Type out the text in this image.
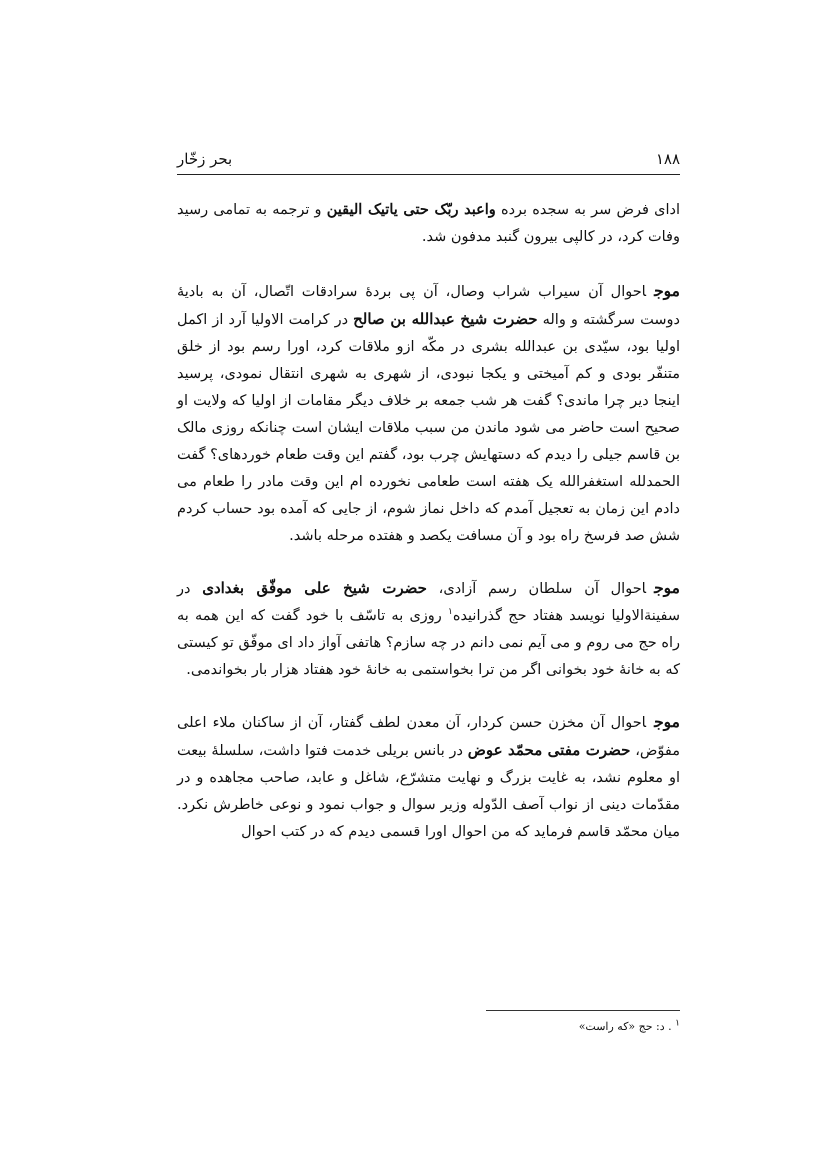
۱۸۸
بحر زخّار

ادای فرض سر به سجده برده واعبد ربّک حتی یاتیک الیقین و ترجمه به تمامی رسید وفات کرد، در کالپی بیرون گنبد مدفون شد.

موجاحوال آن سیراب شراب وصال، آن پی بردهٔ سرادقات اتّصال، آن به بادیهٔ دوست سرگشته و واله حضرت شیخ عبدالله بن صالح در کرامت الاولیا آرد از اکمل اولیا بود، سیّدی بن عبدالله بشری در مکّه ازو ملاقات کرد، اورا رسم بود از خلق متنفّر بودی و کم آمیختی و یکجا نبودی، از شهری به شهری انتقال نمودی، پرسید اینجا دیر چرا ماندی؟ گفت هر شب جمعه بر خلاف دیگر مقامات از اولیا که ولایت او صحیح است حاضر می شود ماندن من سبب ملاقات ایشان است چنانکه روزی مالک بن قاسم جیلی را دیدم که دستهایش چرب بود، گفتم این وقت طعام خوردهای؟ گفت الحمدلله استغفرالله یک هفته است طعامی نخورده ام این وقت مادر را طعام می دادم این زمان به تعجیل آمدم که داخل نماز شوم، از جایی که آمده بود حساب کردم شش صد فرسخ راه بود و آن مسافت یکصد و هفتده مرحله باشد.

موجاحوال آن سلطان رسم آزادی، حضرت شیخ علی موفّق بغدادی در سفینةالاولیا نویسد هفتاد حج گذرانیده$^۱$ روزی به تاسّف با خود گفت که این همه به راه حج می روم و می آیم نمی دانم در چه سازم؟ هاتفی آواز داد ای موفّق تو کیستی که به خانهٔ خود بخوانی اگر من ترا بخواستمی به خانهٔ خود هفتاد هزار بار بخواندمی.

موجاحوال آن مخزن حسن کردار، آن معدن لطف گفتار، آن از ساکنان ملاء اعلی مفوّض، حضرت مفتی محمّد عوض در بانس بریلی خدمت فتوا داشت، سلسلهٔ بیعت او معلوم نشد، به غایت بزرگ و نهایت متشرّع، شاغل و عابد، صاحب مجاهده و در مقدّمات دینی از نواب آصف الدّوله وزیر سوال و جواب نمود و نوعی خاطرش نکرد. میان محمّد قاسم فرماید که من احوال اورا قسمی دیدم که در کتب احوال

$^۱$ . د: حج «که راست»
